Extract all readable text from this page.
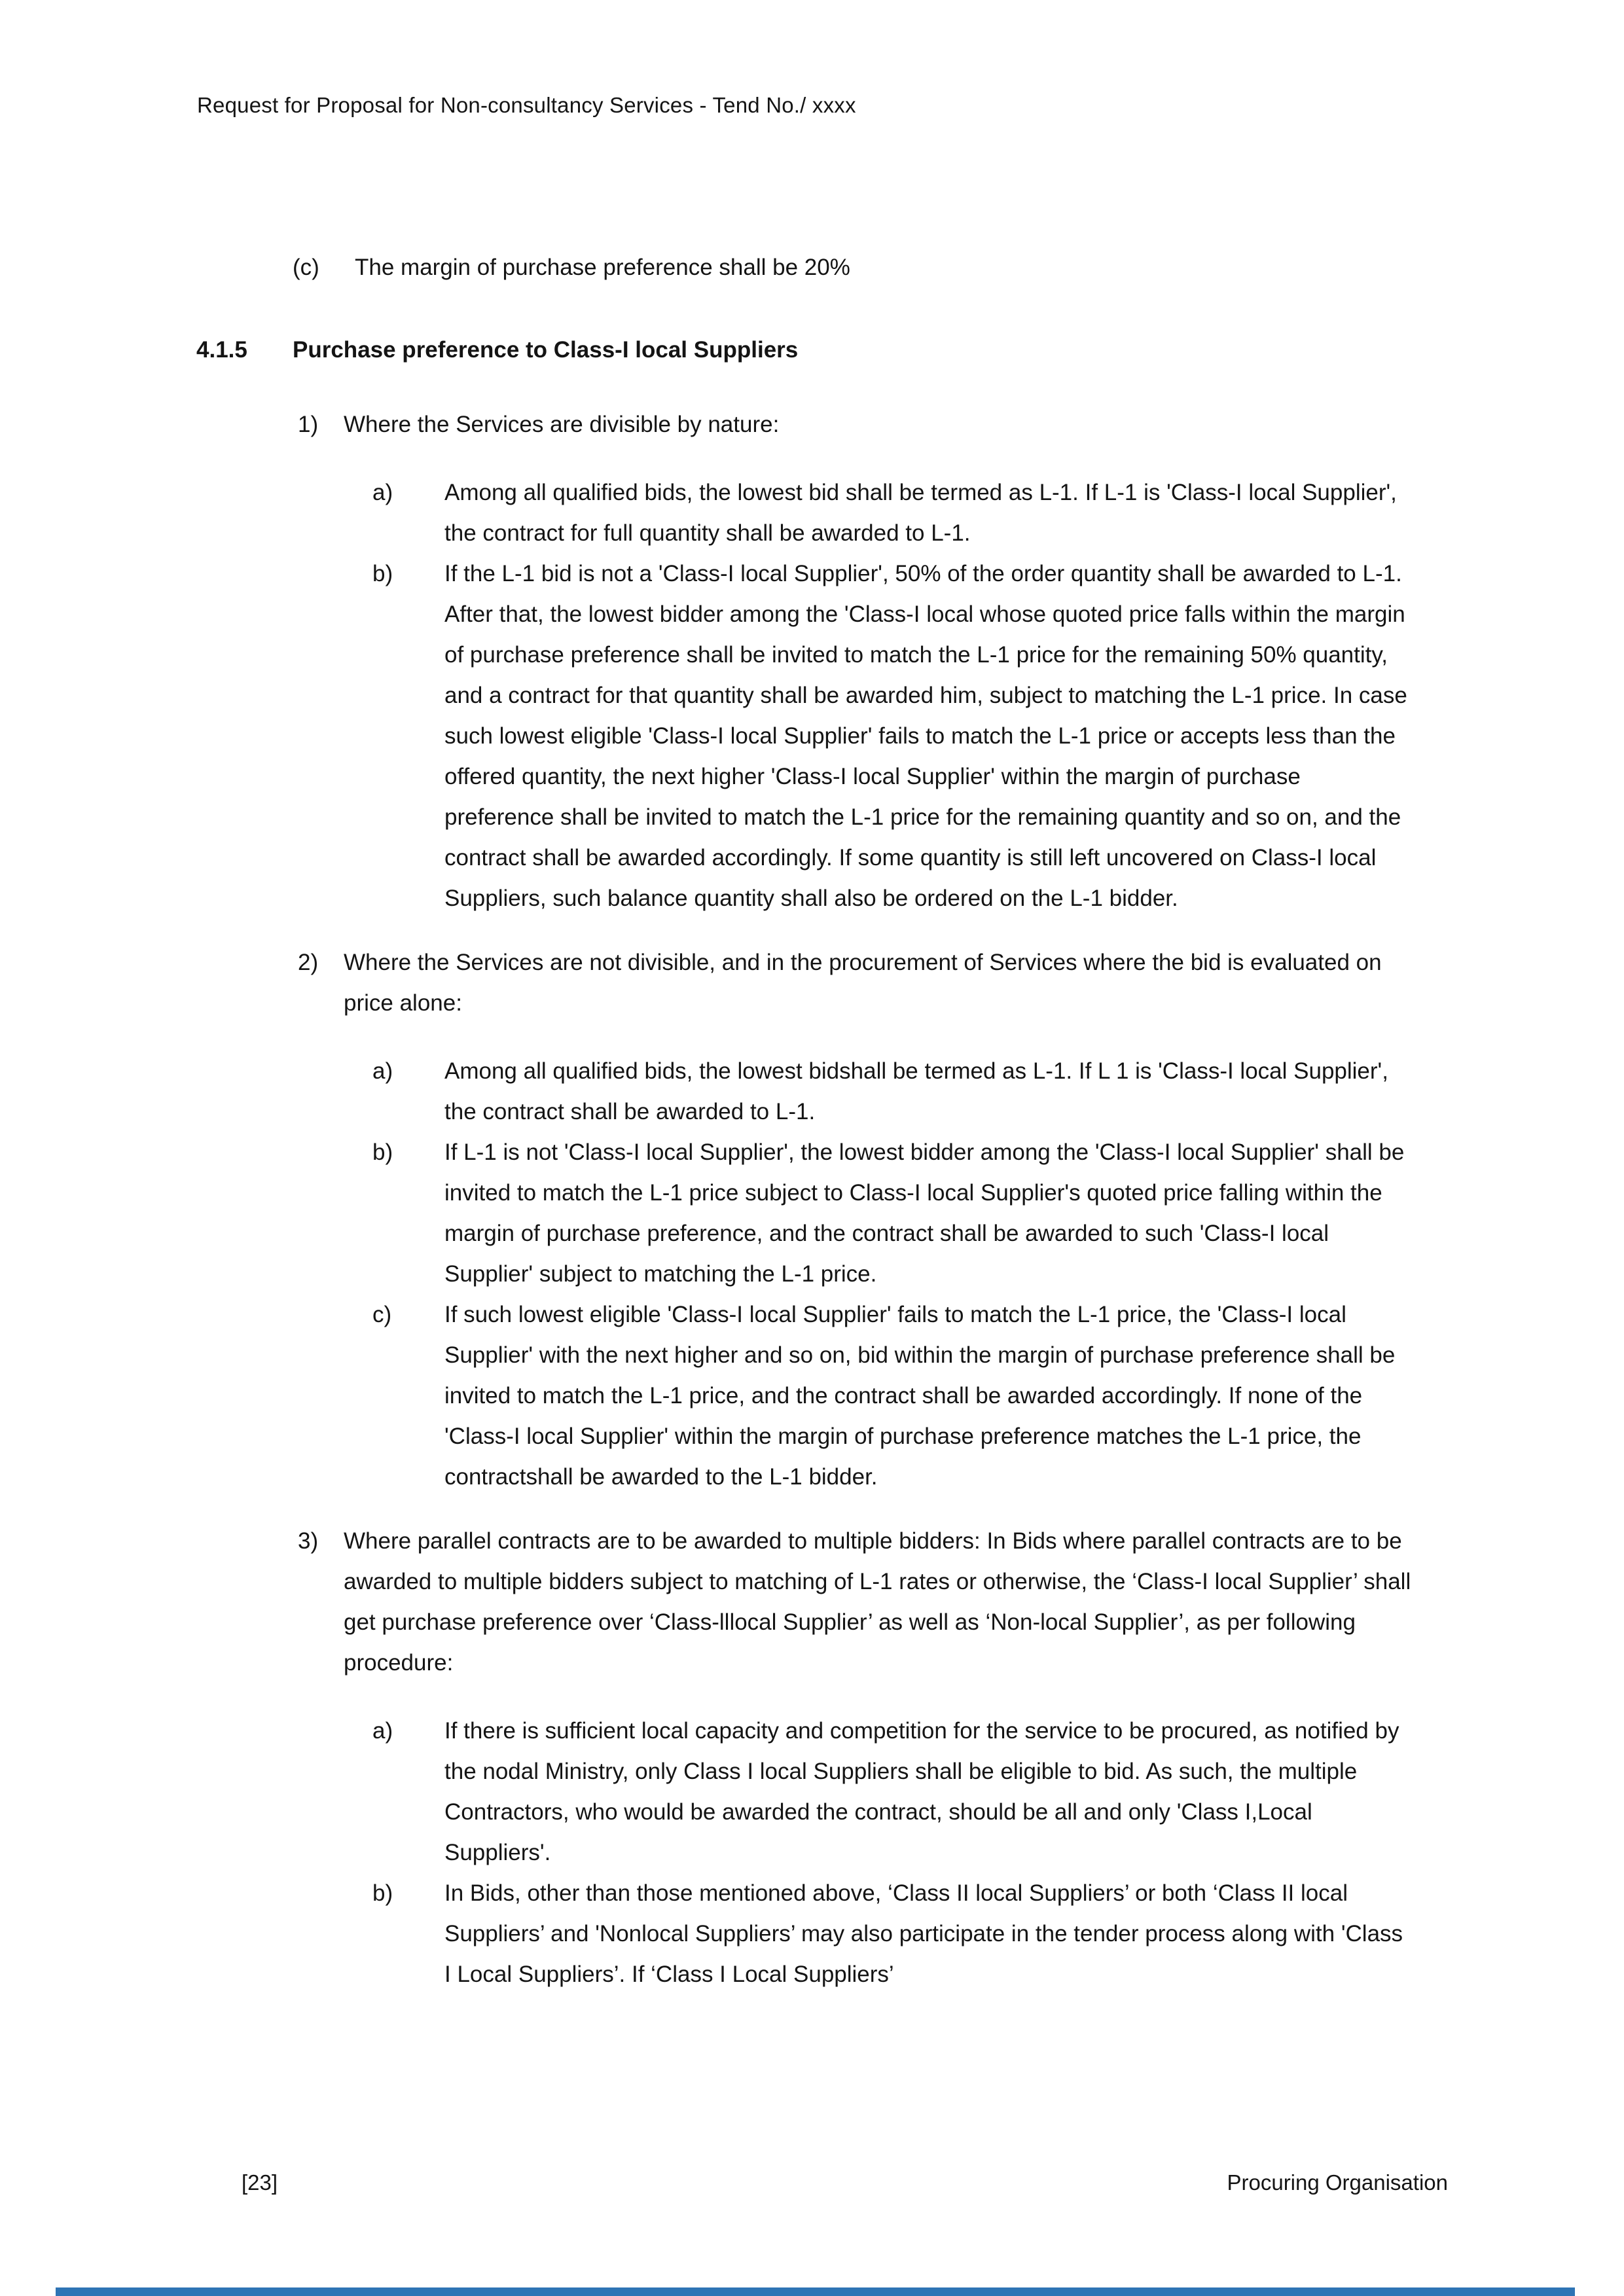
Request for Proposal for Non-consultancy Services - Tend No./ xxxx
(c)	The margin of purchase preference shall be 20%
4.1.5	Purchase preference to Class-I local Suppliers
1)	Where the Services are divisible by nature:
a)	Among all qualified bids, the lowest bid shall be termed as L-1. If L-1 is 'Class-I local Supplier', the contract for full quantity shall be awarded to L-1.
b)	If the L-1 bid is not a 'Class-I local Supplier', 50% of the order quantity shall be awarded to L-1. After that, the lowest bidder among the 'Class-I local whose quoted price falls within the margin of purchase preference shall be invited to match the L-1 price for the remaining 50% quantity, and a contract for that quantity shall be awarded him, subject to matching the L-1 price. In case such lowest eligible 'Class-I local Supplier' fails to match the L-1 price or accepts less than the offered quantity, the next higher 'Class-I local Supplier' within the margin of purchase preference shall be invited to match the L-1 price for the remaining quantity and so on, and the contract shall be awarded accordingly. If some quantity is still left uncovered on Class-I local Suppliers, such balance quantity shall also be ordered on the L-1 bidder.
2)	Where the Services are not divisible, and in the procurement of Services where the bid is evaluated on price alone:
a)	Among all qualified bids, the lowest bidshall be termed as L-1. If L 1 is 'Class-I local Supplier', the contract shall be awarded to L-1.
b)	If L-1 is not 'Class-I local Supplier', the lowest bidder among the 'Class-I local Supplier' shall be invited to match the L-1 price subject to Class-I local Supplier's quoted price falling within the margin of purchase preference, and the contract shall be awarded to such 'Class-I local Supplier' subject to matching the L-1 price.
c)	If such lowest eligible 'Class-I local Supplier' fails to match the L-1 price, the 'Class-I local Supplier' with the next higher and so on, bid within the margin of purchase preference shall be invited to match the L-1 price, and the contract shall be awarded accordingly. If none of the 'Class-I local Supplier' within the margin of purchase preference matches the L-1 price, the contractshall be awarded to the L-1 bidder.
3)	Where parallel contracts are to be awarded to multiple bidders: In Bids where parallel contracts are to be awarded to multiple bidders subject to matching of L-1 rates or otherwise, the ‘Class-I local Supplier’ shall get purchase preference over ‘Class-lllocal Supplier’ as well as ‘Non-local Supplier’, as per following procedure:
a)	If there is sufficient local capacity and competition for the service to be procured, as notified by the nodal Ministry, only Class I local Suppliers shall be eligible to bid. As such, the multiple Contractors, who would be awarded the contract, should be all and only 'Class I,Local Suppliers'.
b)	In Bids, other than those mentioned above, ‘Class II local Suppliers’ or both ‘Class II local Suppliers’ and 'Nonlocal Suppliers’ may also participate in the tender process along with 'Class I Local Suppliers’. If ‘Class I Local Suppliers’
[23]	Procuring Organisation
